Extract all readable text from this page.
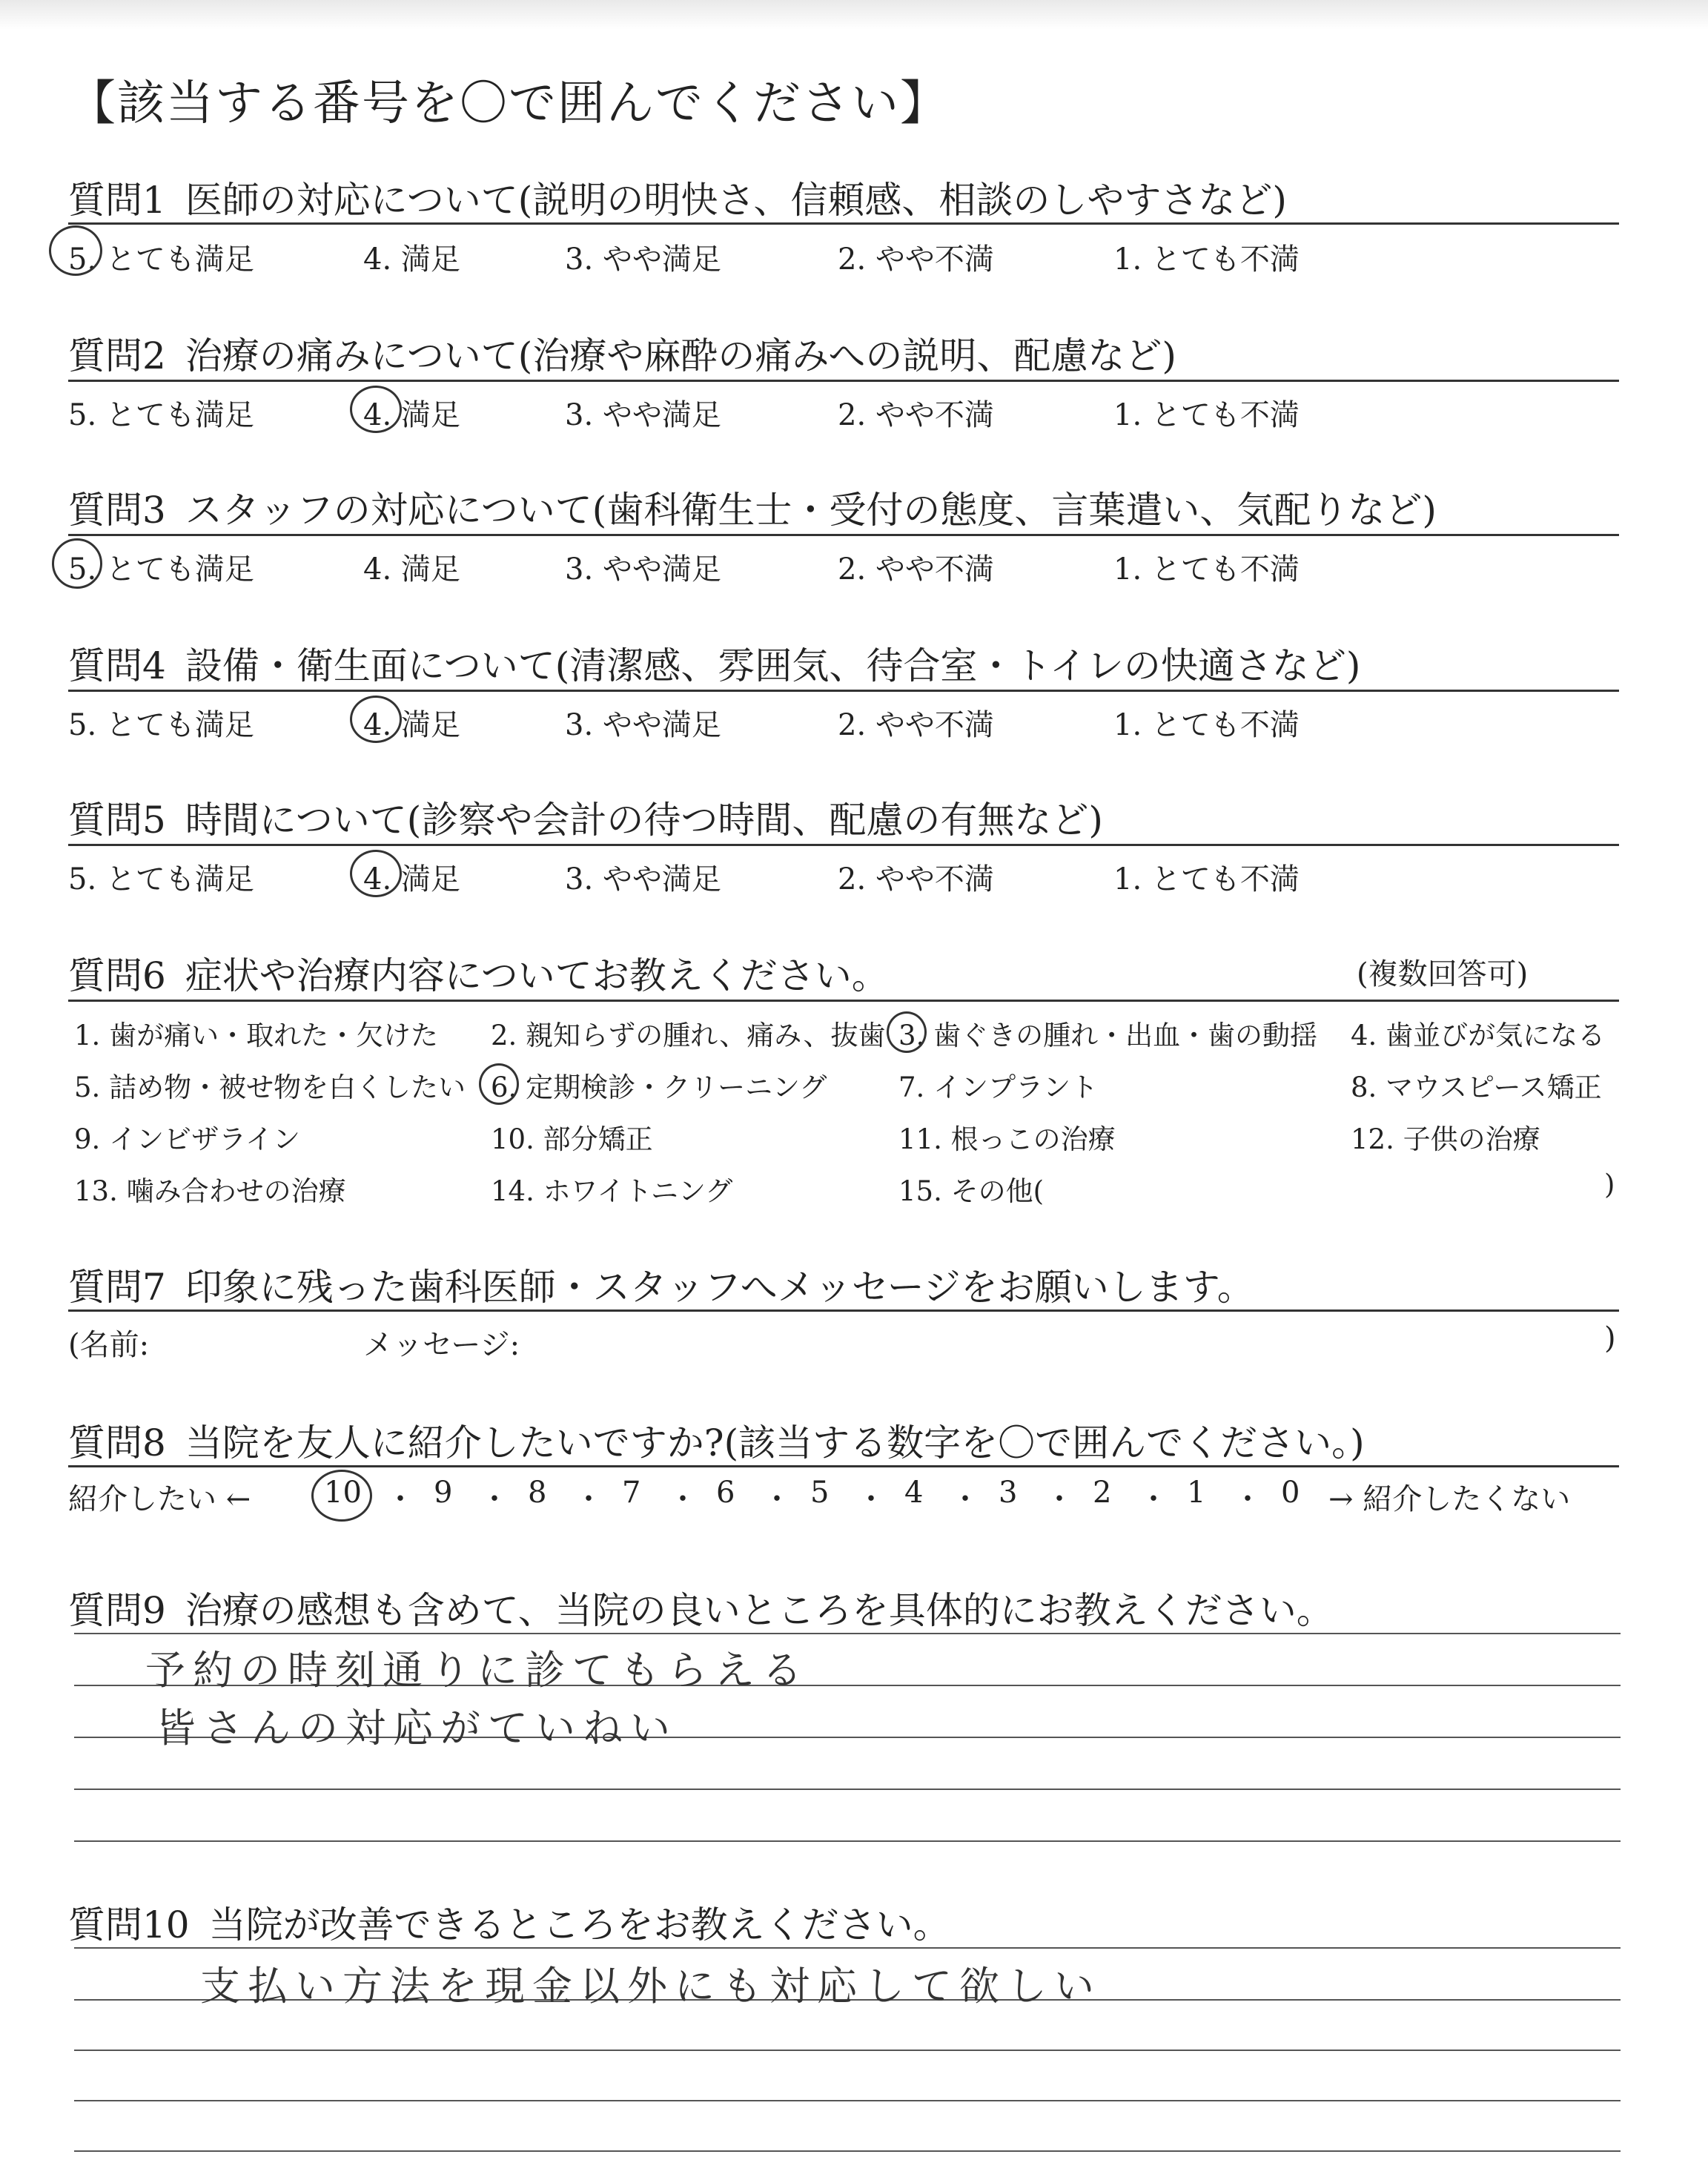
【該当する番号を〇で囲んでください】
質問1 医師の対応について(説明の明快さ、信頼感、相談のしやすさなど)
5. とても満足	4. 満足	3. やや満足	2. やや不満	1. とても不満
質問2 治療の痛みについて(治療や麻酔の痛みへの説明、配慮など)
5. とても満足	4. 満足	3. やや満足	2. やや不満	1. とても不満
質問3 スタッフの対応について(歯科衛生士・受付の態度、言葉遣い、気配りなど)
5. とても満足	4. 満足	3. やや満足	2. やや不満	1. とても不満
質問4 設備・衛生面について(清潔感、雰囲気、待合室・トイレの快適さなど)
5. とても満足	4. 満足	3. やや満足	2. やや不満	1. とても不満
質問5 時間について(診察や会計の待つ時間、配慮の有無など)
5. とても満足	4. 満足	3. やや満足	2. やや不満	1. とても不満
質問6 症状や治療内容についてお教えください。	(複数回答可)
1. 歯が痛い・取れた・欠けた 2. 親知らずの腫れ、痛み、抜歯 3. 歯ぐきの腫れ・出血・歯の動揺 4. 歯並びが気になる
5. 詰め物・被せ物を白くしたい 6. 定期検診・クリーニング	7. インプラント	8. マウスピース矯正
9. インビザライン	10. 部分矯正	11. 根っこの治療	12. 子供の治療
13. 噛み合わせの治療	14. ホワイトニング	15. その他(	)
質問7 印象に残った歯科医師・スタッフへメッセージをお願いします。
(名前:	メッセージ:	)
質問8 当院を友人に紹介したいですか?(該当する数字を〇で囲んでください。)
紹介したい ←	→ 紹介したくない
10 ・ 9 ・ 8 ・ 7 ・ 6 ・ 5 ・ 4 ・ 3 ・ 2 ・ 1 ・ 0
質問9 治療の感想も含めて、当院の良いところを具体的にお教えください。
予約の時刻通りに診てもらえる
皆さんの対応がていねい
質問10 当院が改善できるところをお教えください。
支払い方法を現金以外にも対応して欲しい
